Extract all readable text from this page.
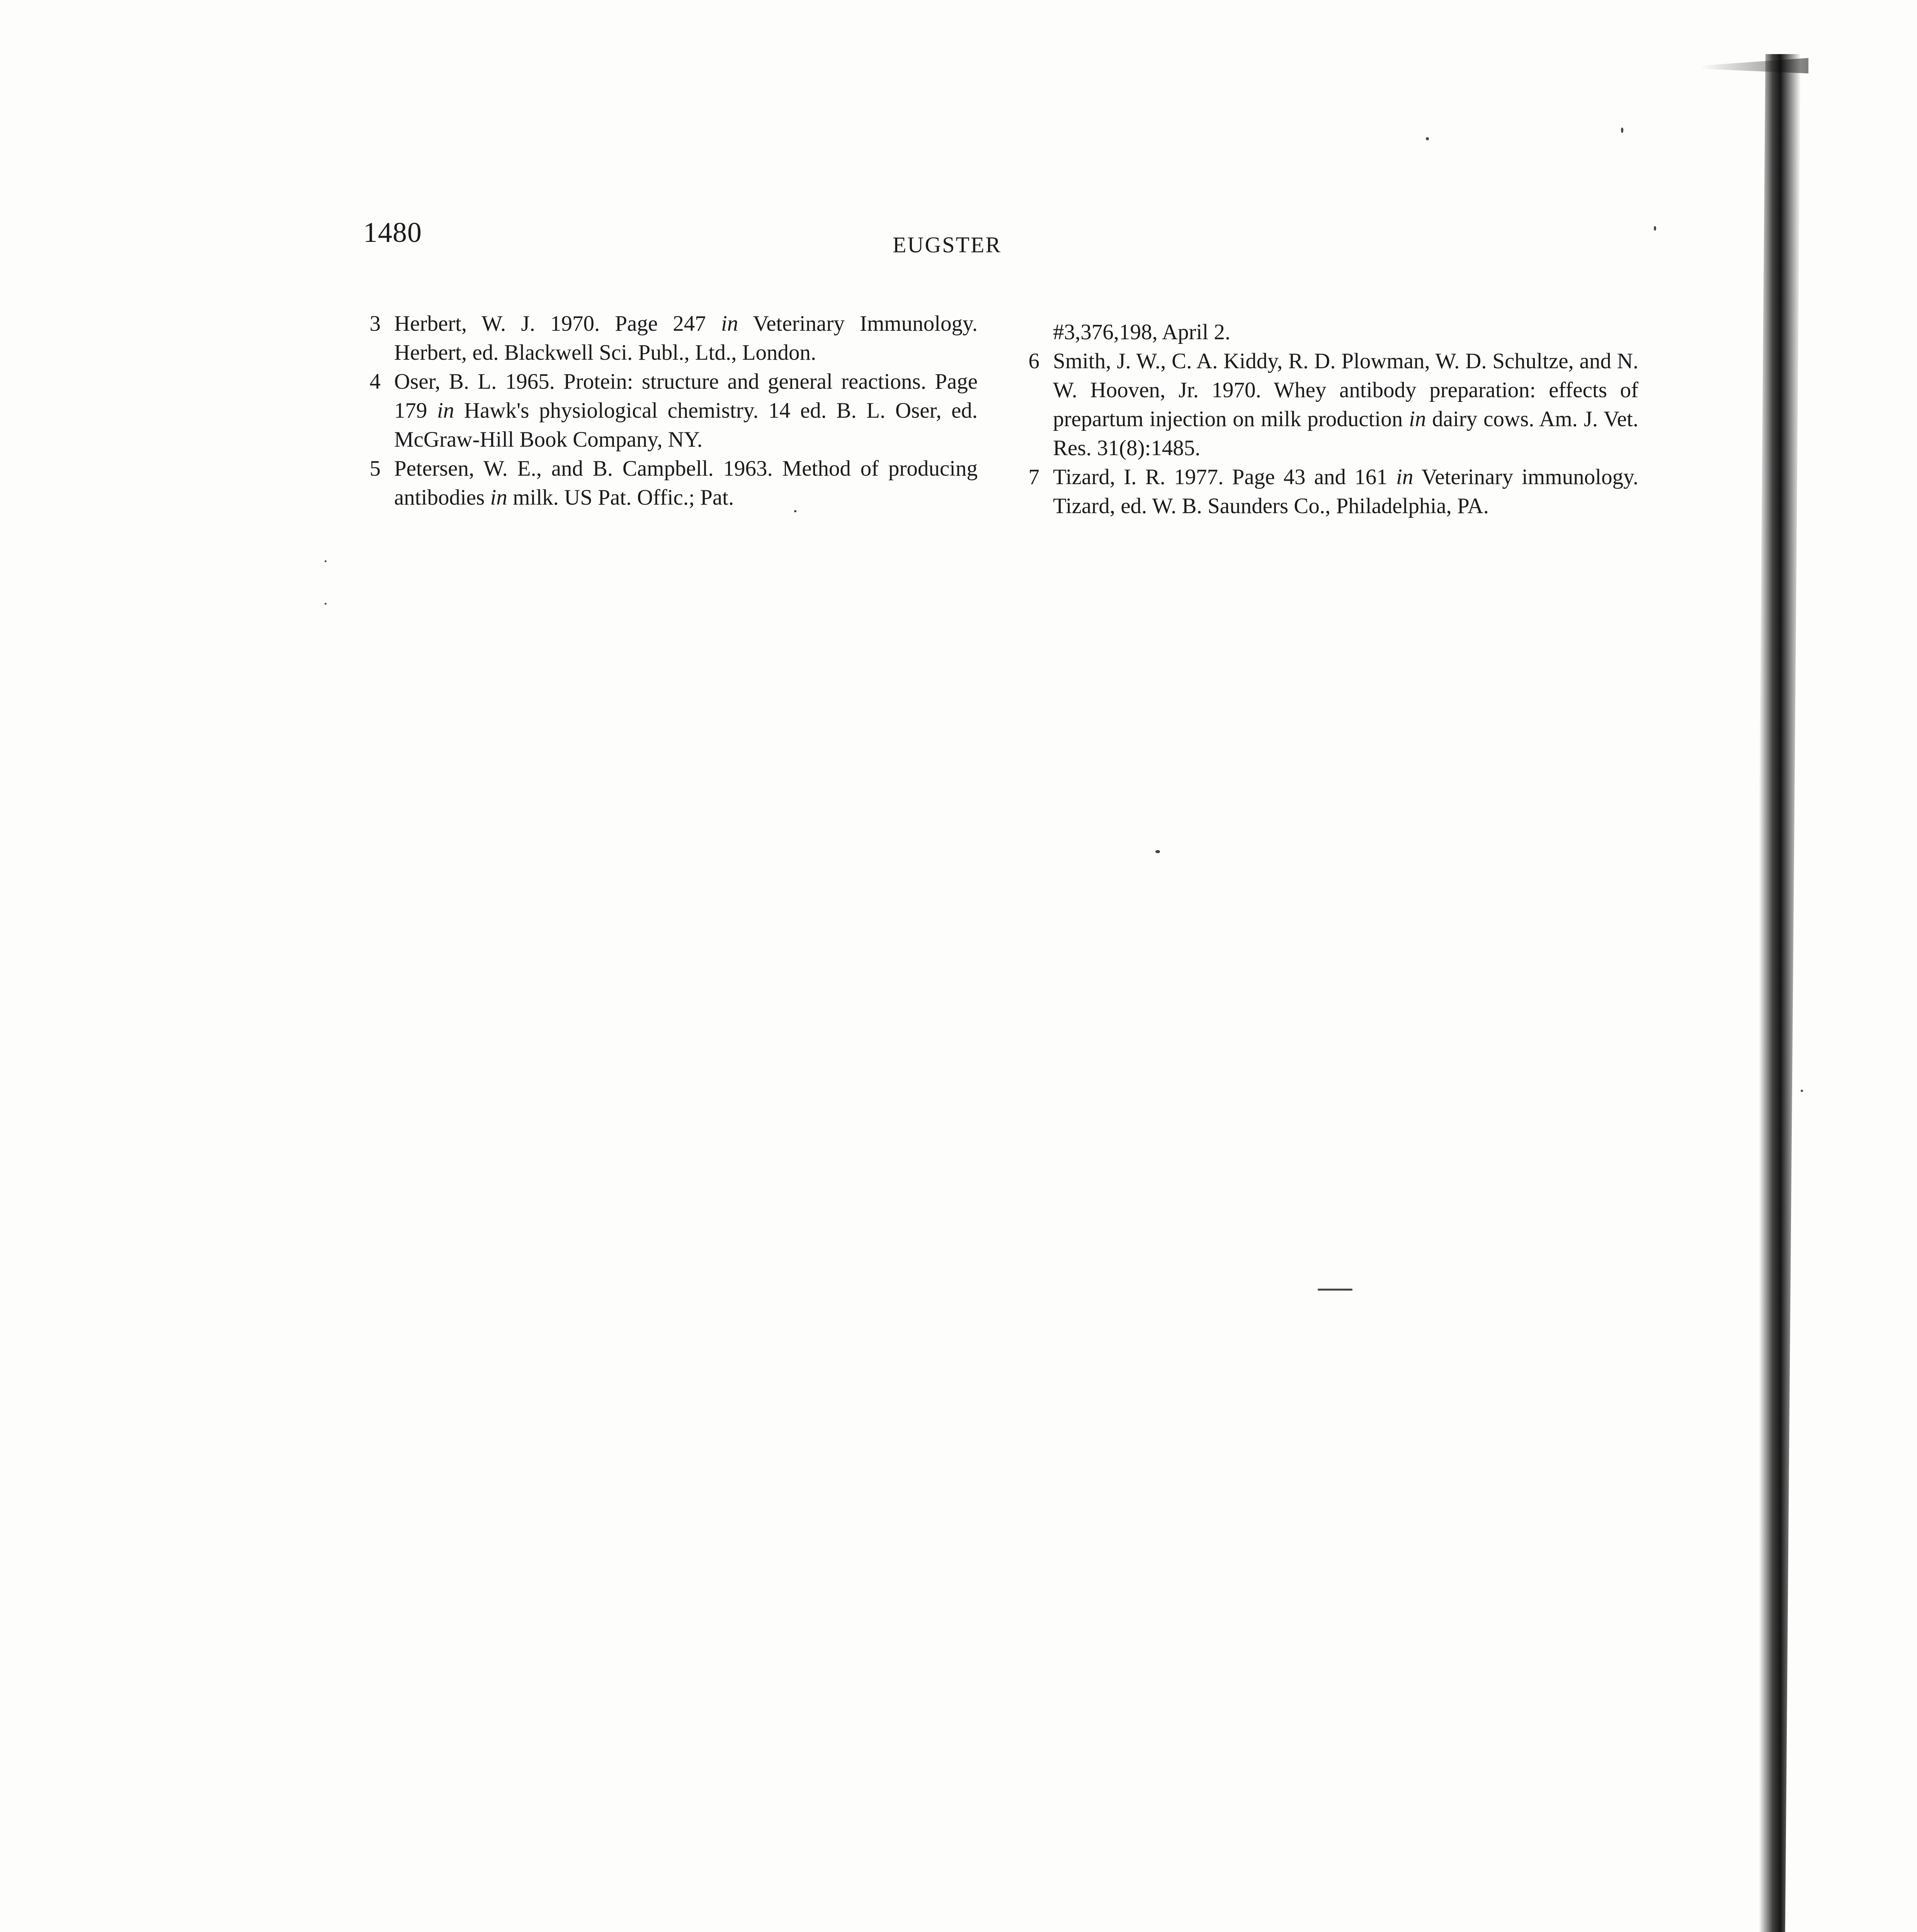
1480	EUGSTER
3 Herbert, W. J. 1970. Page 247 in Veterinary Immunology. Herbert, ed. Blackwell Sci. Publ., Ltd., London.
4 Oser, B. L. 1965. Protein: structure and general reactions. Page 179 in Hawk's physiological chemistry. 14 ed. B. L. Oser, ed. McGraw-Hill Book Company, NY.
5 Petersen, W. E., and B. Campbell. 1963. Method of producing antibodies in milk. US Pat. Offic.; Pat.
#3,376,198, April 2.
6 Smith, J. W., C. A. Kiddy, R. D. Plowman, W. D. Schultze, and N. W. Hooven, Jr. 1970. Whey antibody preparation: effects of prepartum injection on milk production in dairy cows. Am. J. Vet. Res. 31(8):1485.
7 Tizard, I. R. 1977. Page 43 and 161 in Veterinary immunology. Tizard, ed. W. B. Saunders Co., Philadelphia, PA.
